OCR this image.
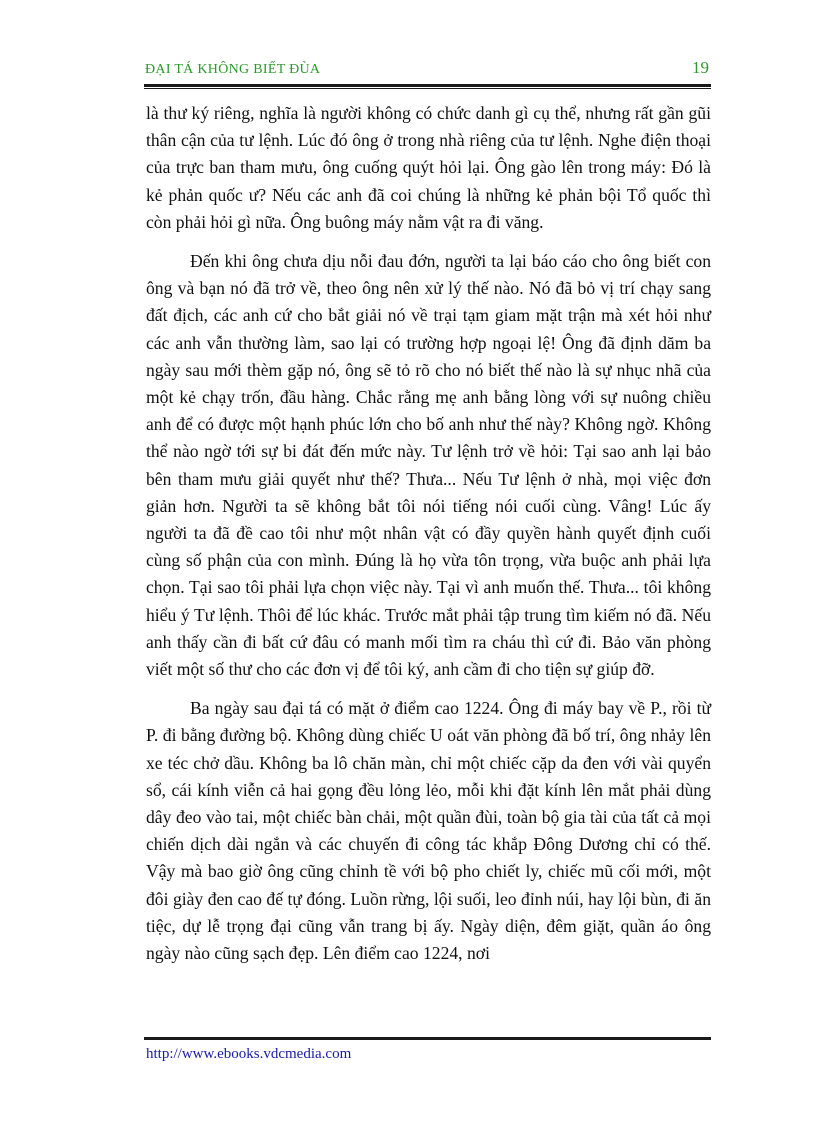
ĐẠI TÁ KHÔNG BIẾT ĐÙA	19

là thư ký riêng, nghĩa là người không có chức danh gì cụ thể, nhưng rất gần gũi thân cận của tư lệnh. Lúc đó ông ở trong nhà riêng của tư lệnh. Nghe điện thoại của trực ban tham mưu, ông cuống quýt hỏi lại. Ông gào lên trong máy: Đó là kẻ phản quốc ư? Nếu các anh đã coi chúng là những kẻ phản bội Tổ quốc thì còn phải hỏi gì nữa. Ông buông máy nằm vật ra đi văng.

Đến khi ông chưa dịu nỗi đau đớn, người ta lại báo cáo cho ông biết con ông và bạn nó đã trở về, theo ông nên xử lý thế nào. Nó đã bỏ vị trí chạy sang đất địch, các anh cứ cho bắt giải nó về trại tạm giam mặt trận mà xét hỏi như các anh vẫn thường làm, sao lại có trường hợp ngoại lệ! Ông đã định dăm ba ngày sau mới thèm gặp nó, ông sẽ tỏ rõ cho nó biết thế nào là sự nhục nhã của một kẻ chạy trốn, đầu hàng. Chắc rằng mẹ anh bằng lòng với sự nuông chiều anh để có được một hạnh phúc lớn cho bố anh như thế này? Không ngờ. Không thể nào ngờ tới sự bi đát đến mức này. Tư lệnh trở về hỏi: Tại sao anh lại bảo bên tham mưu giải quyết như thế? Thưa... Nếu Tư lệnh ở nhà, mọi việc đơn giản hơn. Người ta sẽ không bắt tôi nói tiếng nói cuối cùng. Vâng! Lúc ấy người ta đã đề cao tôi như một nhân vật có đầy quyền hành quyết định cuối cùng số phận của con mình. Đúng là họ vừa tôn trọng, vừa buộc anh phải lựa chọn. Tại sao tôi phải lựa chọn việc này. Tại vì anh muốn thế. Thưa... tôi không hiểu ý Tư lệnh. Thôi để lúc khác. Trước mắt phải tập trung tìm kiếm nó đã. Nếu anh thấy cần đi bất cứ đâu có manh mối tìm ra cháu thì cứ đi. Bảo văn phòng viết một số thư cho các đơn vị để tôi ký, anh cầm đi cho tiện sự giúp đỡ.

Ba ngày sau đại tá có mặt ở điểm cao 1224. Ông đi máy bay về P., rồi từ P. đi bằng đường bộ. Không dùng chiếc U oát văn phòng đã bố trí, ông nhảy lên xe téc chở dầu. Không ba lô chăn màn, chỉ một chiếc cặp da đen với vài quyển sổ, cái kính viễn cả hai gọng đều lỏng lẻo, mỗi khi đặt kính lên mắt phải dùng dây đeo vào tai, một chiếc bàn chải, một quần đùi, toàn bộ gia tài của tất cả mọi chiến dịch dài ngắn và các chuyến đi công tác khắp Đông Dương chỉ có thế. Vậy mà bao giờ ông cũng chỉnh tề với bộ pho chiết ly, chiếc mũ cối mới, một đôi giày đen cao đế tự đóng. Luồn rừng, lội suối, leo đỉnh núi, hay lội bùn, đi ăn tiệc, dự lễ trọng đại cũng vẫn trang bị ấy. Ngày diện, đêm giặt, quần áo ông ngày nào cũng sạch đẹp. Lên điểm cao 1224, nơi

http://www.ebooks.vdcmedia.com
